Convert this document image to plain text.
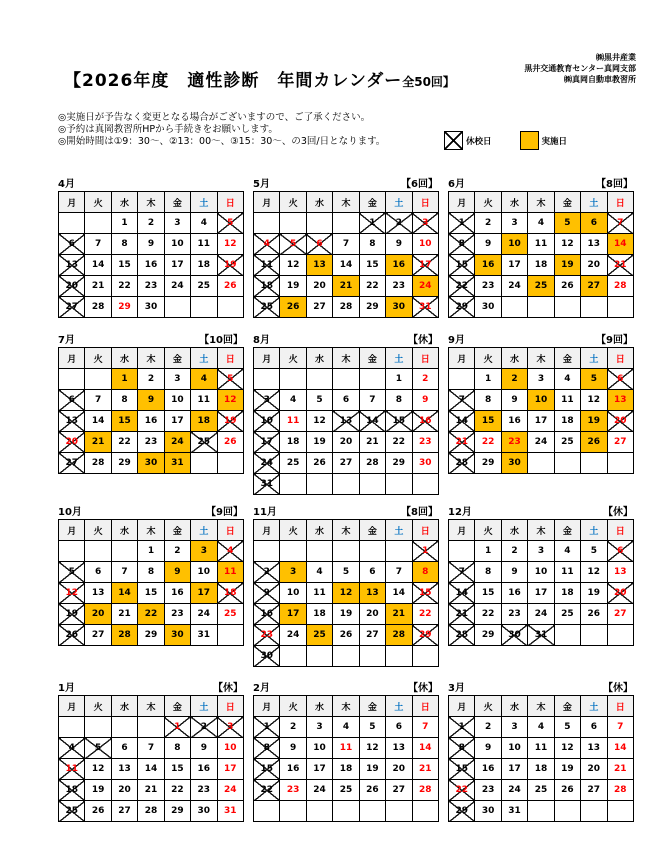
【2026年度　適性診断　年間カレンダー全50回】
㈱黒井産業
黒井交通教育センター真岡支部
㈱真岡自動車教習所
◎実施日が予告なく変更となる場合がございますので、ご了承ください。
◎予約は真岡教習所HPから手続きをお願いします。
◎開始時間は①9：30～、②13：00～、③15：30～、の3回/日となります。	休校日	実施日
4月
月	火	水	木	金	土	日
		1	2	3	4	5
6	7	8	9	10	11	12
13	14	15	16	17	18	19
20	21	22	23	24	25	26
27	28	29	30			
5月	【6回】
月	火	水	木	金	土	日
				1	2	3
4	5	6	7	8	9	10
11	12	13	14	15	16	17
18	19	20	21	22	23	24
25	26	27	28	29	30	31
6月	【8回】
月	火	水	木	金	土	日
1	2	3	4	5	6	7
8	9	10	11	12	13	14
15	16	17	18	19	20	21
22	23	24	25	26	27	28
29	30					
7月	【10回】
月	火	水	木	金	土	日
		1	2	3	4	5
6	7	8	9	10	11	12
13	14	15	16	17	18	19
20	21	22	23	24	25	26
27	28	29	30	31		
8月	【休】
月	火	水	木	金	土	日
					1	2
3	4	5	6	7	8	9
10	11	12	13	14	15	16
17	18	19	20	21	22	23
24	25	26	27	28	29	30
31						
9月	【9回】
月	火	水	木	金	土	日
	1	2	3	4	5	6
7	8	9	10	11	12	13
14	15	16	17	18	19	20
21	22	23	24	25	26	27
28	29	30				
10月	【9回】
月	火	水	木	金	土	日
			1	2	3	4
5	6	7	8	9	10	11
12	13	14	15	16	17	18
19	20	21	22	23	24	25
26	27	28	29	30	31	
11月	【8回】
月	火	水	木	金	土	日
						1
2	3	4	5	6	7	8
9	10	11	12	13	14	15
16	17	18	19	20	21	22
23	24	25	26	27	28	29
30						
12月	【休】
月	火	水	木	金	土	日
	1	2	3	4	5	6
7	8	9	10	11	12	13
14	15	16	17	18	19	20
21	22	23	24	25	26	27
28	29	30	31			
1月	【休】
月	火	水	木	金	土	日
				1	2	3
4	5	6	7	8	9	10
11	12	13	14	15	16	17
18	19	20	21	22	23	24
25	26	27	28	29	30	31
2月	【休】
月	火	水	木	金	土	日
1	2	3	4	5	6	7
8	9	10	11	12	13	14
15	16	17	18	19	20	21
22	23	24	25	26	27	28

3月	【休】
月	火	水	木	金	土	日
1	2	3	4	5	6	7
8	9	10	11	12	13	14
15	16	17	18	19	20	21
22	23	24	25	26	27	28
29	30	31				
